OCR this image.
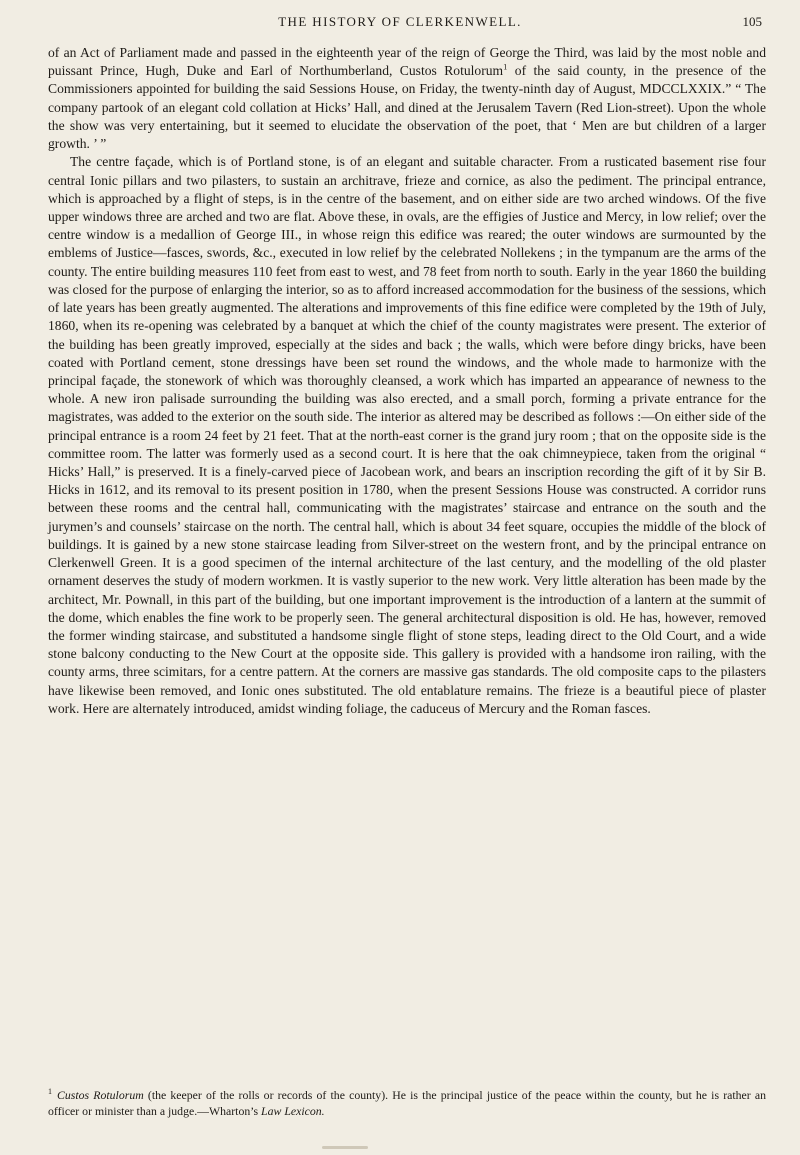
THE HISTORY OF CLERKENWELL.	105

of an Act of Parliament made and passed in the eighteenth year of the reign of George the Third, was laid by the most noble and puissant Prince, Hugh, Duke and Earl of Northumberland, Custos Rotulorum$^1$ of the said county, in the presence of the Commissioners appointed for building the said Sessions House, on Friday, the twenty-ninth day of August, MDCCLXXIX.” “ The company partook of an elegant cold collation at Hicks’ Hall, and dined at the Jerusalem Tavern (Red Lion-street). Upon the whole the show was very entertaining, but it seemed to elucidate the observation of the poet, that ‘ Men are but children of a larger growth. ’ ”

The centre façade, which is of Portland stone, is of an elegant and suitable character. From a rusticated basement rise four central Ionic pillars and two pilasters, to sustain an architrave, frieze and cornice, as also the pediment. The principal entrance, which is approached by a flight of steps, is in the centre of the basement, and on either side are two arched windows. Of the five upper windows three are arched and two are flat. Above these, in ovals, are the effigies of Justice and Mercy, in low relief; over the centre window is a medallion of George III., in whose reign this edifice was reared; the outer windows are surmounted by the emblems of Justice—fasces, swords, &c., executed in low relief by the celebrated Nollekens ; in the tympanum are the arms of the county. The entire building measures 110 feet from east to west, and 78 feet from north to south. Early in the year 1860 the building was closed for the purpose of enlarging the interior, so as to afford increased accommodation for the business of the sessions, which of late years has been greatly augmented. The alterations and improvements of this fine edifice were completed by the 19th of July, 1860, when its re-opening was celebrated by a banquet at which the chief of the county magistrates were present. The exterior of the building has been greatly improved, especially at the sides and back ; the walls, which were before dingy bricks, have been coated with Portland cement, stone dressings have been set round the windows, and the whole made to harmonize with the principal façade, the stonework of which was thoroughly cleansed, a work which has imparted an appearance of newness to the whole. A new iron palisade surrounding the building was also erected, and a small porch, forming a private entrance for the magistrates, was added to the exterior on the south side. The interior as altered may be described as follows :—On either side of the principal entrance is a room 24 feet by 21 feet. That at the north-east corner is the grand jury room ; that on the opposite side is the committee room. The latter was formerly used as a second court. It is here that the oak chimneypiece, taken from the original “ Hicks’ Hall,” is preserved. It is a finely-carved piece of Jacobean work, and bears an inscription recording the gift of it by Sir B. Hicks in 1612, and its removal to its present position in 1780, when the present Sessions House was constructed. A corridor runs between these rooms and the central hall, communicating with the magistrates’ staircase and entrance on the south and the jurymen’s and counsels’ staircase on the north. The central hall, which is about 34 feet square, occupies the middle of the block of buildings. It is gained by a new stone staircase leading from Silver-street on the western front, and by the principal entrance on Clerkenwell Green. It is a good specimen of the internal architecture of the last century, and the modelling of the old plaster ornament deserves the study of modern workmen. It is vastly superior to the new work. Very little alteration has been made by the architect, Mr. Pownall, in this part of the building, but one important improvement is the introduction of a lantern at the summit of the dome, which enables the fine work to be properly seen. The general architectural disposition is old. He has, however, removed the former winding staircase, and substituted a handsome single flight of stone steps, leading direct to the Old Court, and a wide stone balcony conducting to the New Court at the opposite side. This gallery is provided with a handsome iron railing, with the county arms, three scimitars, for a centre pattern. At the corners are massive gas standards. The old composite caps to the pilasters have likewise been removed, and Ionic ones substituted. The old entablature remains. The frieze is a beautiful piece of plaster work. Here are alternately introduced, amidst winding foliage, the caduceus of Mercury and the Roman fasces.

$^1$ Custos Rotulorum (the keeper of the rolls or records of the county). He is the principal justice of the peace within the county, but he is rather an officer or minister than a judge.—Wharton’s Law Lexicon.
